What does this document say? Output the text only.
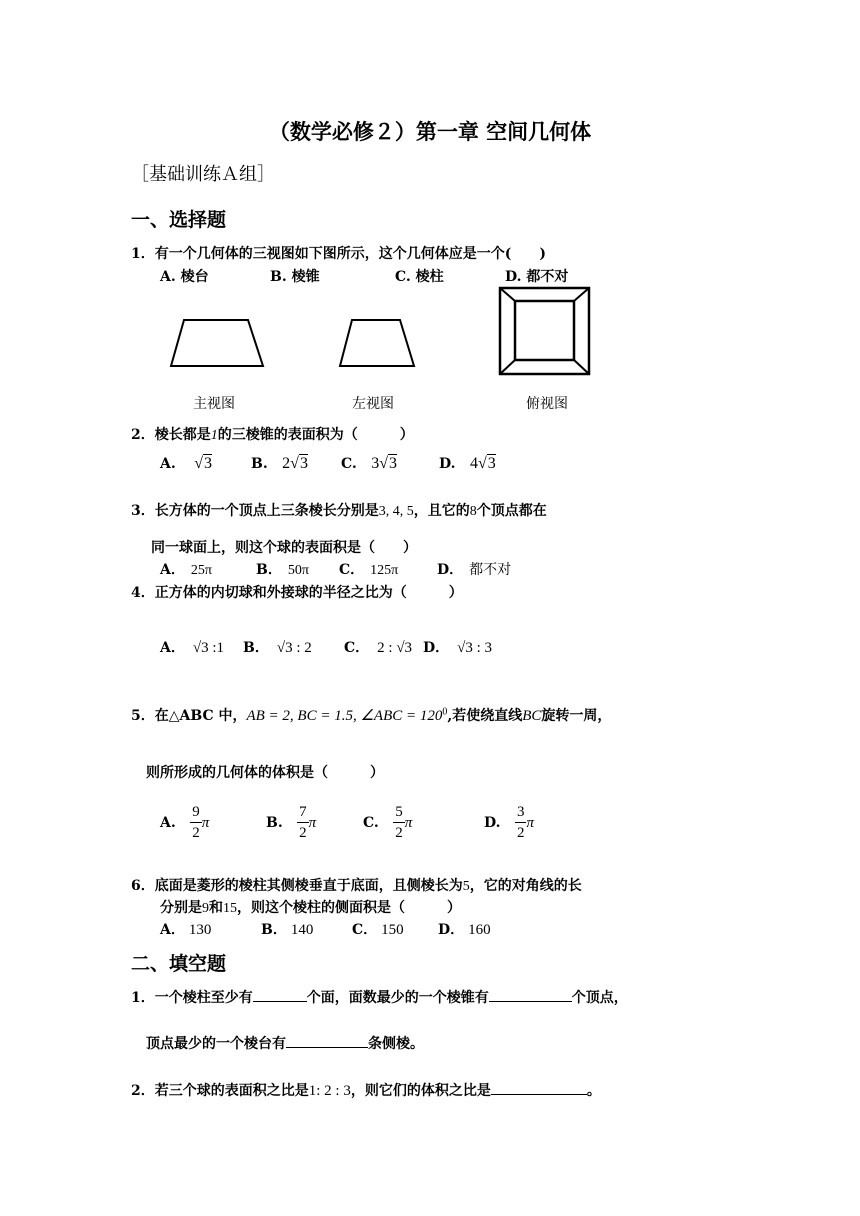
（数学必修２）第一章 空间几何体
［基础训练Ａ组］
一、选择题
1．有一个几何体的三视图如下图所示，这个几何体应是一个(　　)
A. 棱台	B. 棱锥	C. 棱柱	D. 都不对
主视图	左视图	俯视图
2．棱长都是1的三棱锥的表面积为（　　　）
A. √3	B. 2√3 C. 3√3	D. 4√3
3．长方体的一个顶点上三条棱长分别是3, 4, 5，且它的8个顶点都在
同一球面上，则这个球的表面积是（　　）
A． 25π	B． 50π C． 125π	D． 都不对
4．正方体的内切球和外接球的半径之比为（　　　）
A． √3 :1 B． √3 : 2 C． 2 : √3 D． √3 : 3
5．在△ABC 中，AB = 2, BC = 1.5, ∠ABC = $120^0$,若使绕直线BC旋转一周，
则所形成的几何体的体积是（　　　）
A. $\frac{9}{2}$ π	B. $\frac{7}{2}$ π	C. $\frac{5}{2}$ π	D. $\frac{3}{2}$ π
6．底面是菱形的棱柱其侧棱垂直于底面，且侧棱长为5，它的对角线的长
分别是9和15，则这个棱柱的侧面积是（　　　）
A． 130	B． 140	C． 150 D． 160
二、填空题
1．一个棱柱至少有	个面，面数最少的一个棱锥有	个顶点，
顶点最少的一个棱台有	条侧棱。
2．若三个球的表面积之比是1: 2 : 3，则它们的体积之比是	。
